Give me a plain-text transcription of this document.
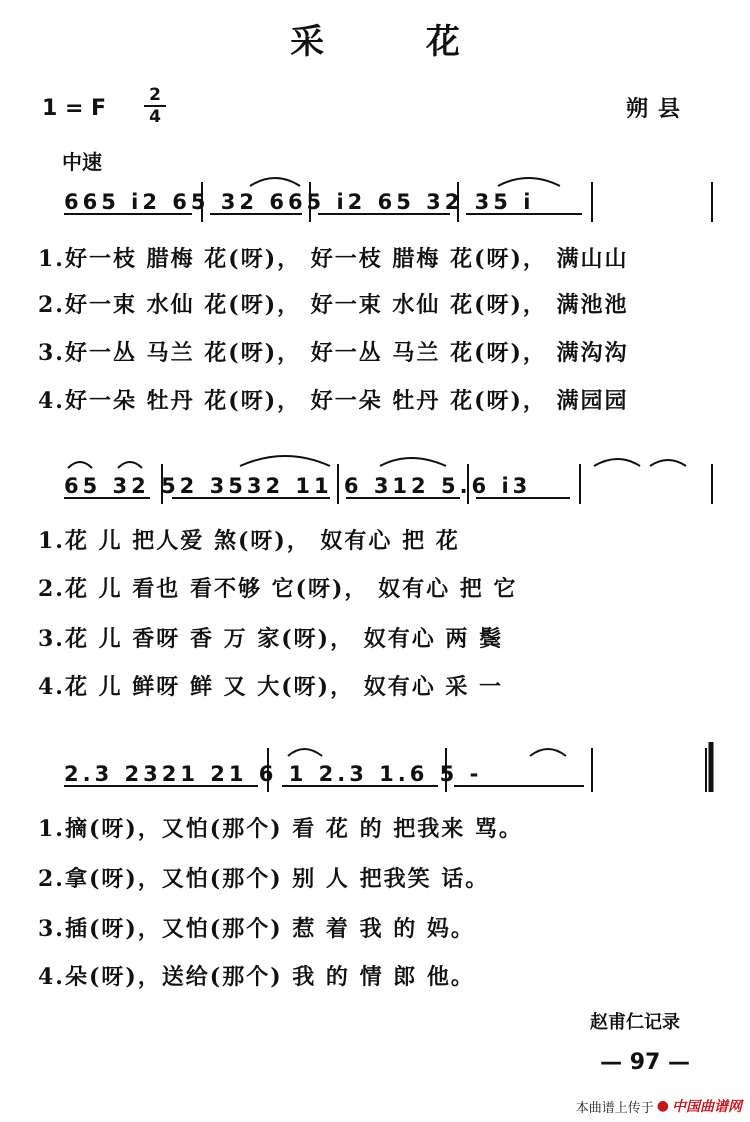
采  花
1 = F
2
4	朔县
中速
665 i2 65 32 665 i2 65 32 35 i
1.好一枝 腊梅 花(呀)， 好一枝 腊梅 花(呀)， 满山山
2.好一束 水仙 花(呀)， 好一束 水仙 花(呀)， 满池池
3.好一丛 马兰 花(呀)， 好一丛 马兰 花(呀)， 满沟沟
4.好一朵 牡丹 花(呀)， 好一朵 牡丹 花(呀)， 满园园
65 32 52 3532 11 6 312 5.6 i3
1.花 儿 把人爱 煞(呀)， 奴有心 把 花
2.花 儿 看也 看不够 它(呀)， 奴有心 把 它
3.花 儿 香呀 香 万 家(呀)， 奴有心 两 鬓
4.花 儿 鲜呀 鲜 又 大(呀)， 奴有心 采 一
2.3 2321 21 6 1 2.3 1.6 5 -
1.摘(呀)，又怕(那个) 看 花 的 把我来 骂。
2.拿(呀)，又怕(那个) 别 人 把我笑 话。
3.插(呀)，又怕(那个) 惹 着 我 的 妈。
4.朵(呀)，送给(那个) 我 的 情 郎 他。
赵甫仁记录
— 97 —
本曲谱上传于 ● 中国曲谱网
